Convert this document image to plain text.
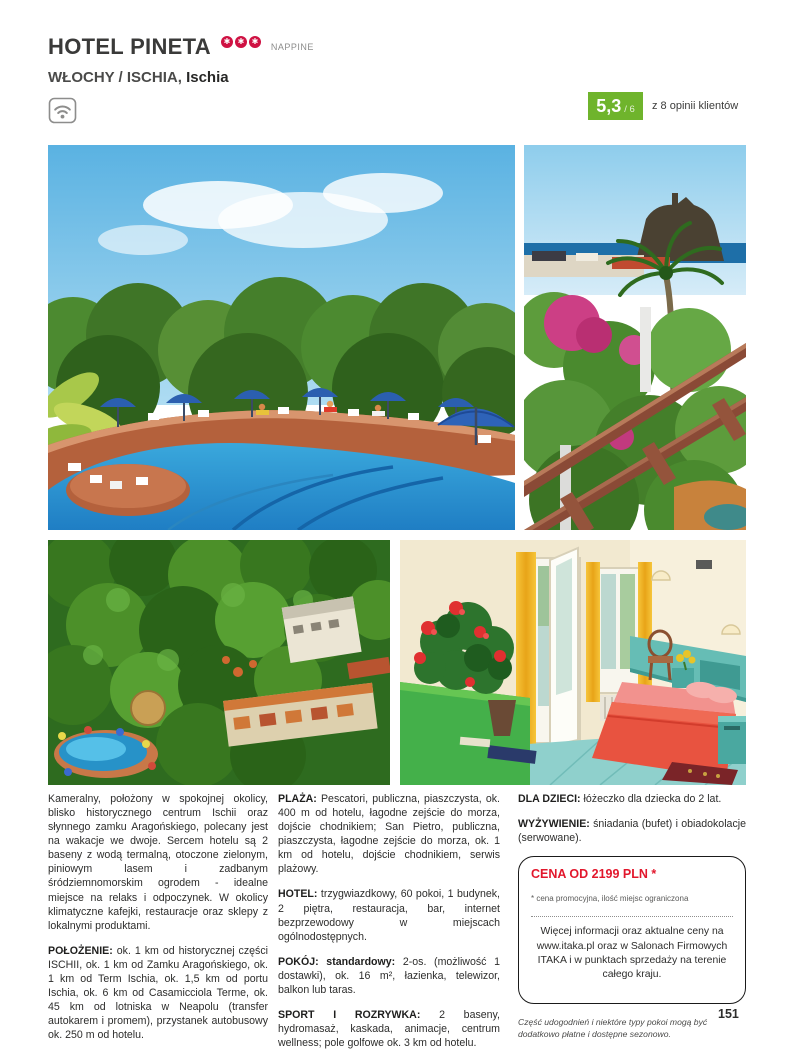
HOTEL PINETA	✱ ✱ ✱
NAPPINE
WŁOCHY / ISCHIA, Ischia
5,3 / 6 z 8 opinii klientów

Kameralny, położony w spokojnej okolicy, blisko historycznego centrum Ischii oraz słynnego zamku Aragońskiego, polecany jest na wakacje we dwoje. Sercem hotelu są 2 baseny z wodą termalną, otoczone zielonym, piniowym lasem i zadbanym śródziemnomorskim ogrodem - idealne miejsce na relaks i odpoczynek. W okolicy klimatyczne kafejki, restauracje oraz sklepy z lokalnymi produktami.

POŁOŻENIE: ok. 1 km od historycznej części ISCHII, ok. 1 km od Zamku Aragońskiego, ok. 1 km od Term Ischia, ok. 1,5 km od portu Ischia, ok. 6 km od Casamicciola Terme, ok. 45 km od lotniska w Neapolu (transfer autokarem i promem), przystanek autobusowy ok. 250 m od hotelu.

PLAŻA: Pescatori, publiczna, piaszczysta, ok. 400 m od hotelu, łagodne zejście do morza, dojście chodnikiem; San Pietro, publiczna, piaszczysta, łagodne zejście do morza, ok. 1 km od hotelu, dojście chodnikiem, serwis plażowy.

HOTEL: trzygwiazdkowy, 60 pokoi, 1 budynek, 2 piętra, restauracja, bar, internet bezprzewodowy w miejscach ogólnodostępnych.

POKÓJ: standardowy: 2-os. (możliwość 1 dostawki), ok. 16 m², łazienka, telewizor, balkon lub taras.

SPORT I ROZRYWKA: 2 baseny, hydromasaż, kaskada, animacje, centrum wellness; pole golfowe ok. 3 km od hotelu.

DLA DZIECI: łóżeczko dla dziecka do 2 lat.

WYŻYWIENIE: śniadania (bufet) i obiadokolacje (serwowane).

CENA OD 2199 PLN *

* cena promocyjna, ilość miejsc ograniczona

Więcej informacji oraz aktualne ceny na www.itaka.pl oraz w Salonach Firmowych ITAKA i w punktach sprzedaży na terenie całego kraju.

Część udogodnień i niektóre typy pokoi mogą być dodatkowo płatne i dostępne sezonowo.
151
